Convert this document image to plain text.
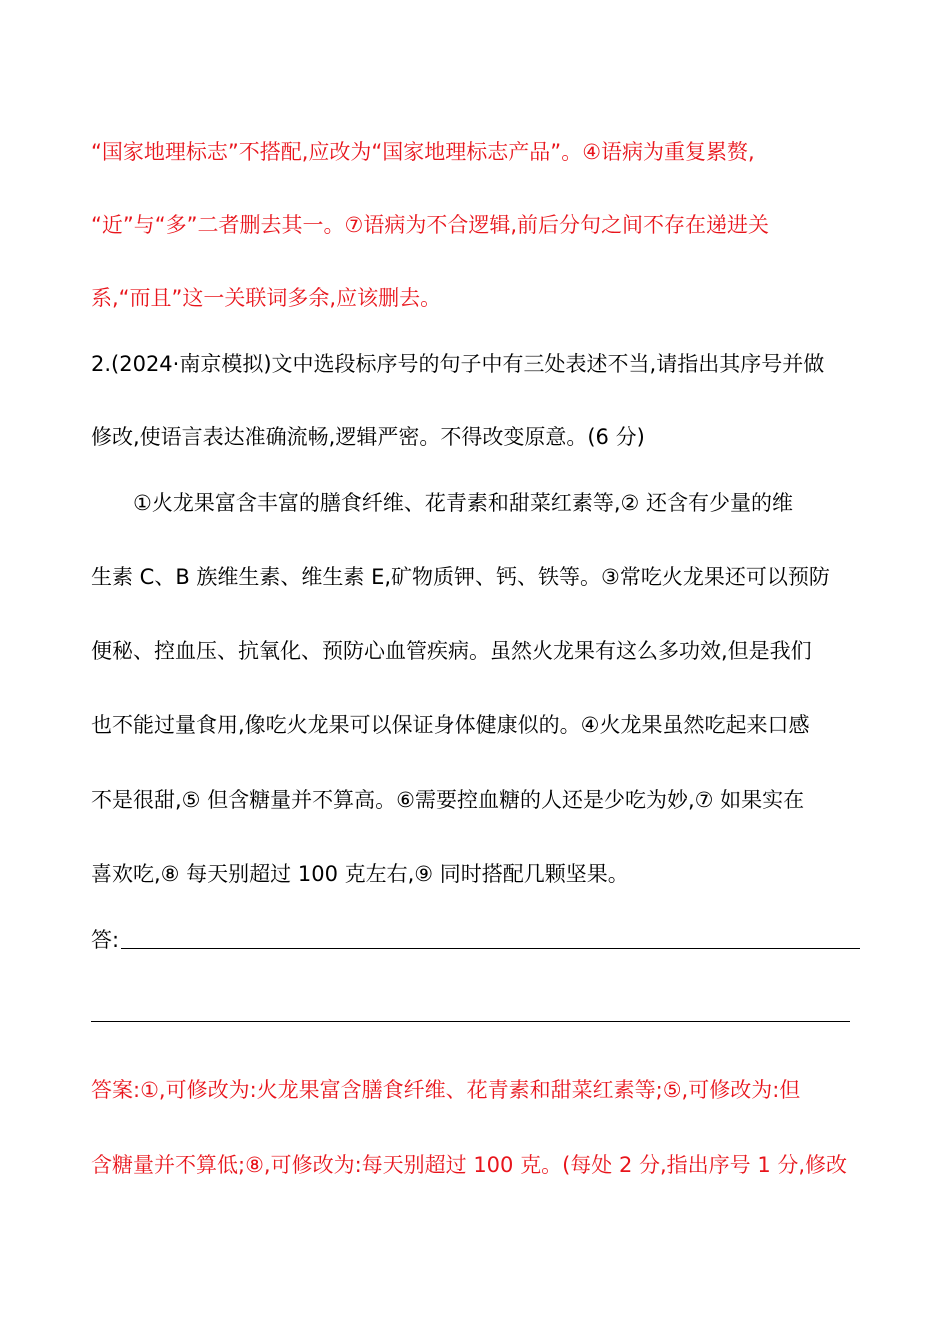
“国家地理标志”不搭配,应改为“国家地理标志产品”。④语病为重复累赘,
“近”与“多”二者删去其一。⑦语病为不合逻辑,前后分句之间不存在递进关
系,“而且”这一关联词多余,应该删去。
2.(2024·南京模拟)文中选段标序号的句子中有三处表述不当,请指出其序号并做
修改,使语言表达准确流畅,逻辑严密。不得改变原意。(6 分)
①火龙果富含丰富的膳食纤维、花青素和甜菜红素等,② 还含有少量的维
生素 C、B 族维生素、维生素 E,矿物质钾、钙、铁等。③常吃火龙果还可以预防
便秘、控血压、抗氧化、预防心血管疾病。虽然火龙果有这么多功效,但是我们
也不能过量食用,像吃火龙果可以保证身体健康似的。④火龙果虽然吃起来口感
不是很甜,⑤ 但含糖量并不算高。⑥需要控血糖的人还是少吃为妙,⑦ 如果实在
喜欢吃,⑧ 每天别超过 100 克左右,⑨ 同时搭配几颗坚果。
答:
答案:①,可修改为:火龙果富含膳食纤维、花青素和甜菜红素等;⑤,可修改为:但
含糖量并不算低;⑧,可修改为:每天别超过 100 克。(每处 2 分,指出序号 1 分,修改
